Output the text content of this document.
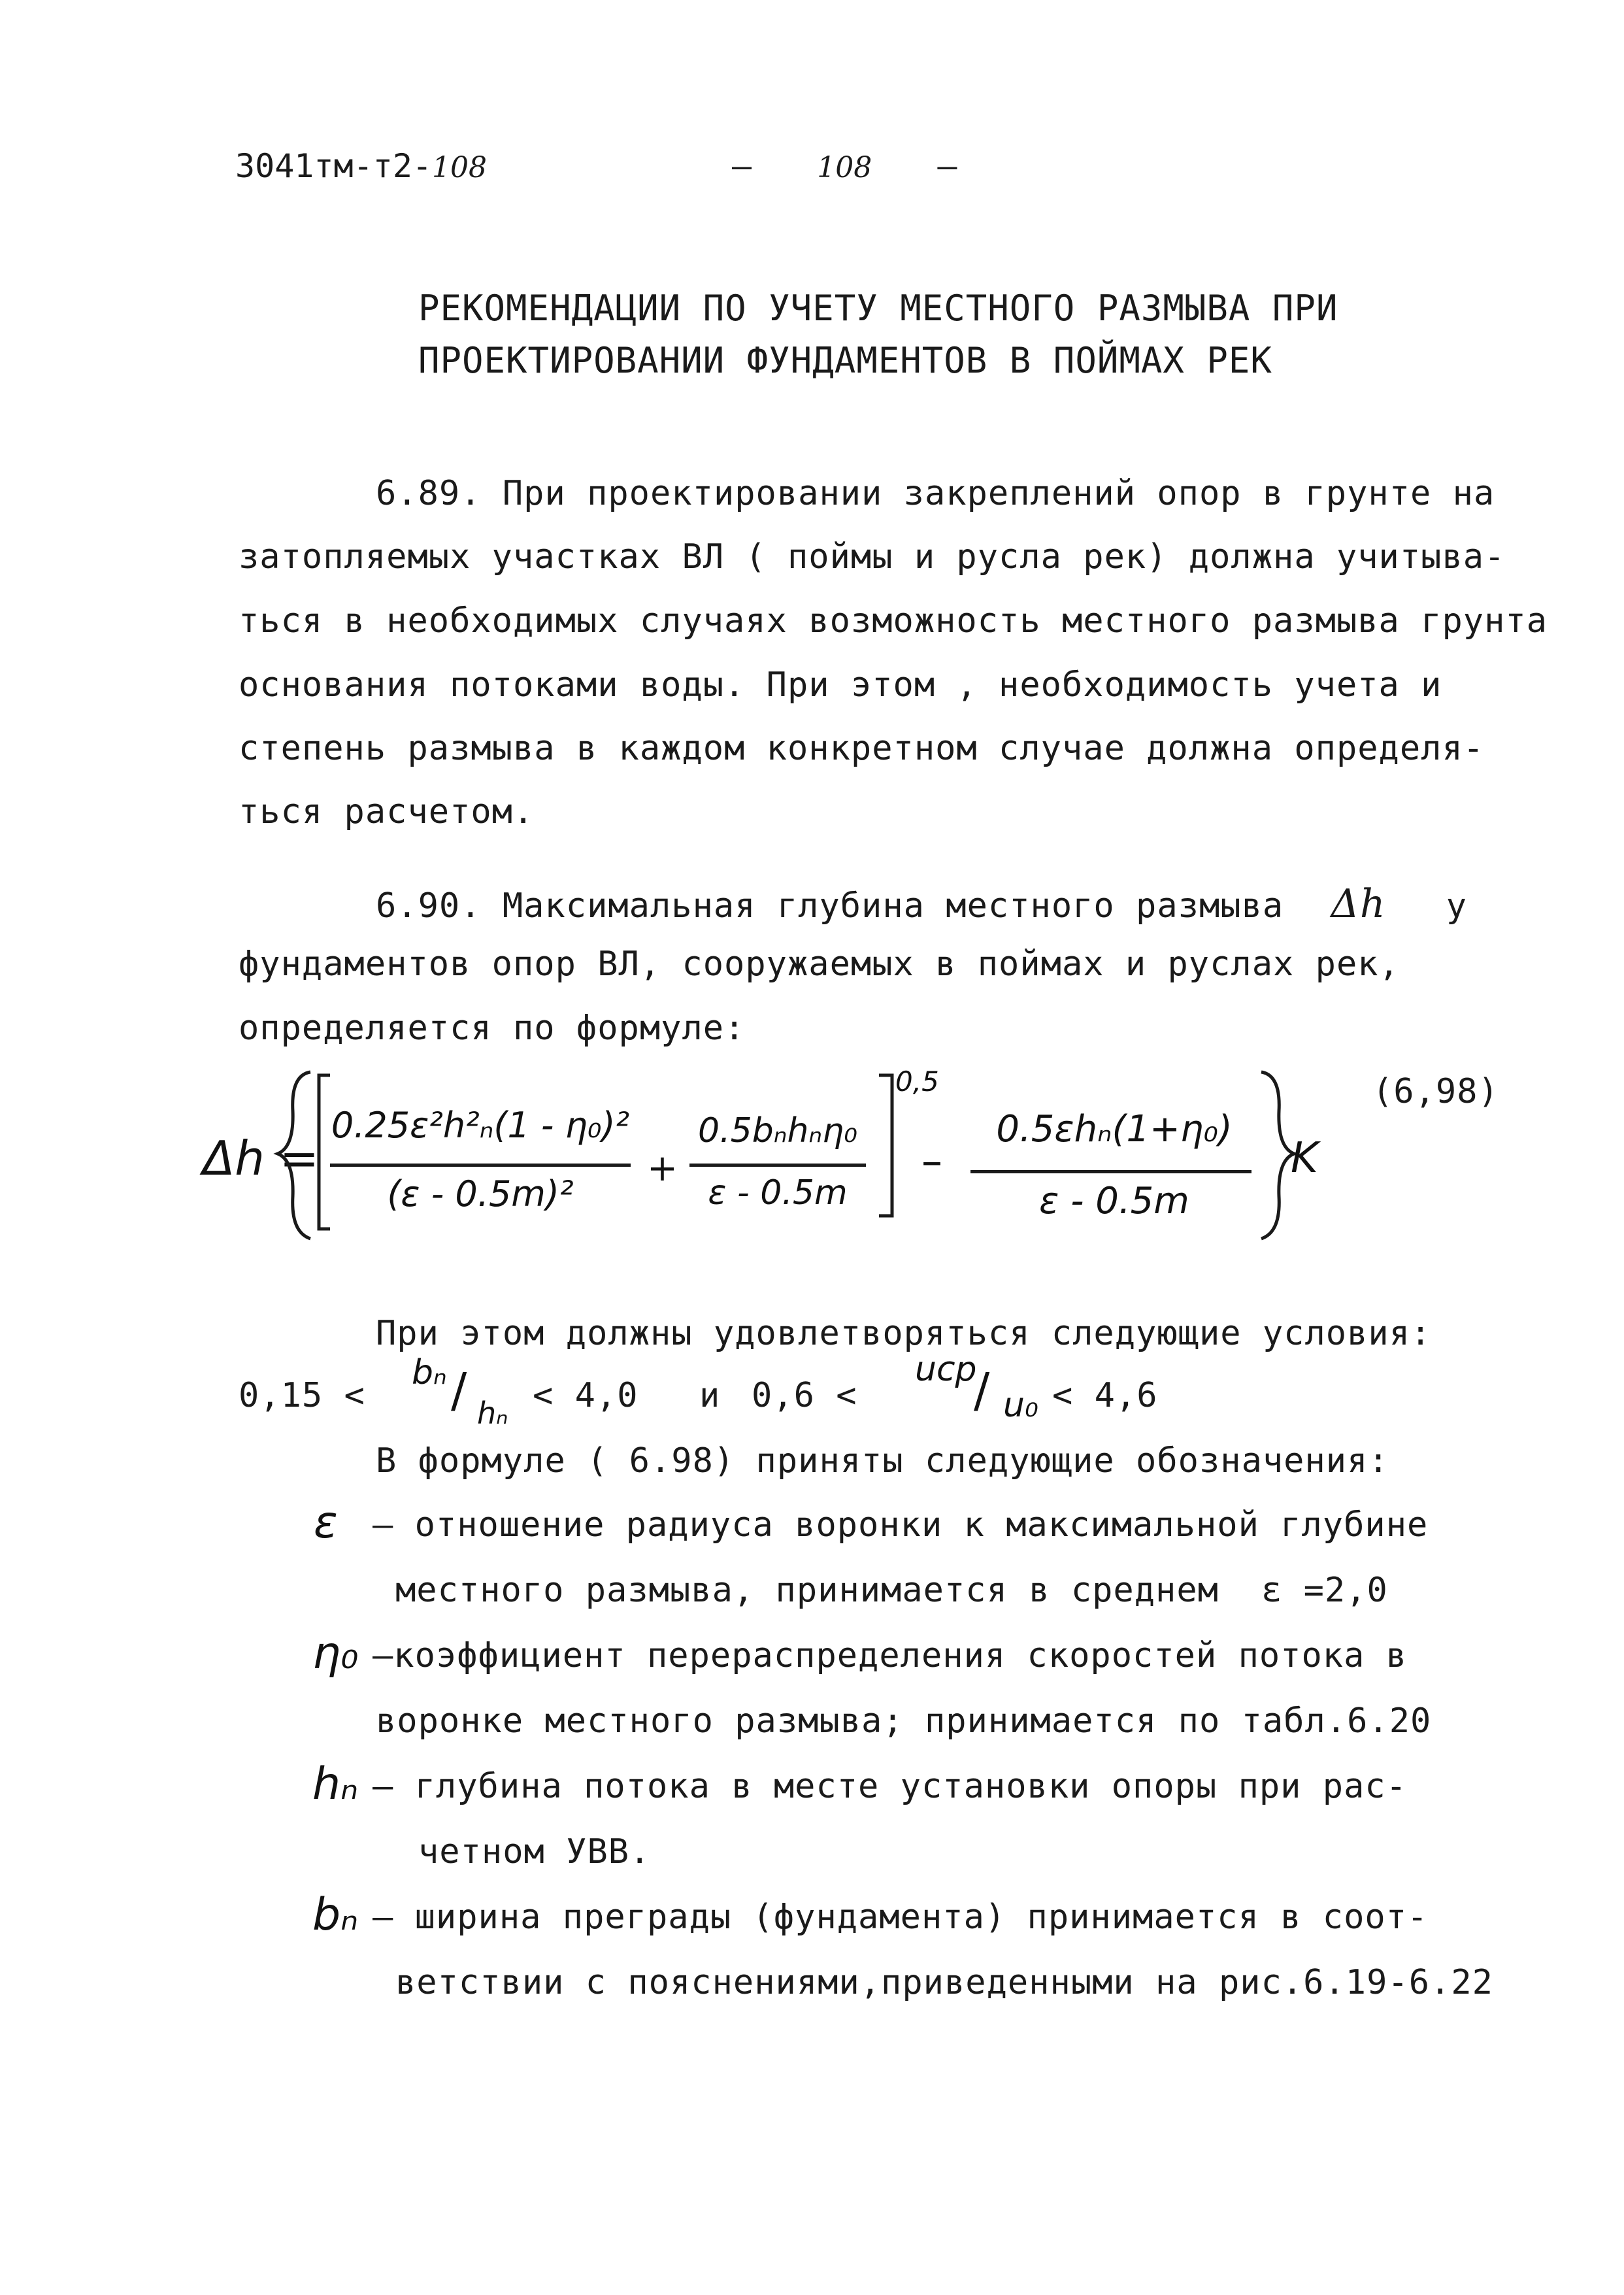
3041тм-т2-108	– 108 –
РЕКОМЕНДАЦИИ ПО УЧЕТУ МЕСТНОГО РАЗМЫВА ПРИ
ПРОЕКТИРОВАНИИ ФУНДАМЕНТОВ В ПОЙМАХ РЕК
6.89. При проектировании закреплений опор в грунте на
затопляемых участках ВЛ ( поймы и русла рек) должна учитыва-
ться в необходимых случаях возможность местного размыва грунта
основания потоками воды. При этом , необходимость учета и
степень размыва в каждом конкретном случае должна определя-
ться расчетом.
6.90. Максимальная глубина местного размыва Δh у
фундаментов опор ВЛ, сооружаемых в поймах и руслах рек,
определяется по формуле:
Δh =
0.25ε²h²ₙ(1 - η₀)²
(ε - 0.5m)²
+
0.5bₙhₙη₀
ε - 0.5m
0,5
–
0.5εhₙ(1+η₀)
ε - 0.5m
K
(6,98)
При этом должны удовлетворяться следующие условия:
0,15 <
bₙ / hₙ < 4,0 и 0,6 <
uср
/ u₀ < 4,6
В формуле ( 6.98) приняты следующие обозначения:
ε – отношение радиуса воронки к максимальной глубине
местного размыва, принимается в среднем ε =2,0
η₀ –коэффициент перераспределения скоростей потока в
воронке местного размыва; принимается по табл.6.20
hₙ – глубина потока в месте установки опоры при рас-
четном УВВ.
bₙ – ширина преграды (фундамента) принимается в соот-
ветствии с пояснениями,приведенными на рис.6.19-6.22
